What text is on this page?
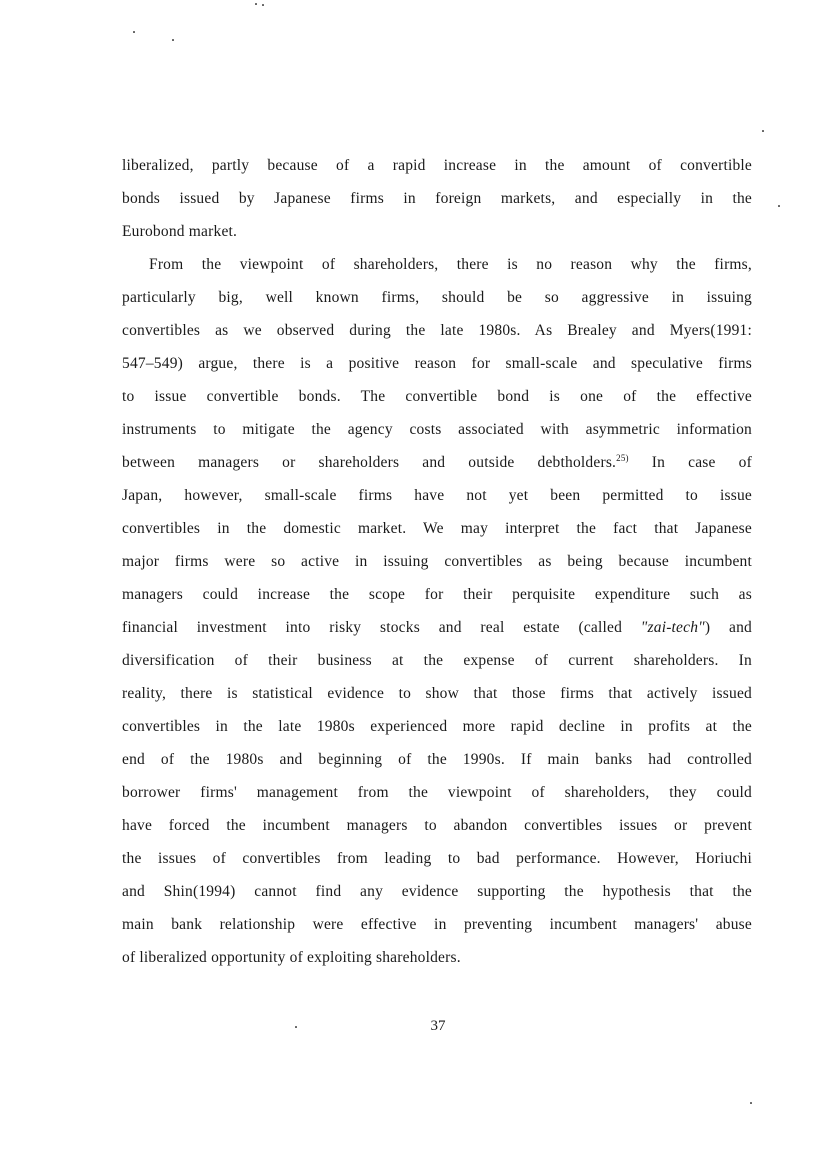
liberalized, partly because of a rapid increase in the amount of convertible
bonds issued by Japanese firms in foreign markets, and especially in the
Eurobond market.
From the viewpoint of shareholders, there is no reason why the firms,
particularly big, well known firms, should be so aggressive in issuing
convertibles as we observed during the late 1980s. As Brealey and Myers(1991:
547–549) argue, there is a positive reason for small-scale and speculative firms
to issue convertible bonds. The convertible bond is one of the effective
instruments to mitigate the agency costs associated with asymmetric information
between managers or shareholders and outside debtholders.$^{25)}$ In case of
Japan, however, small-scale firms have not yet been permitted to issue
convertibles in the domestic market. We may interpret the fact that Japanese
major firms were so active in issuing convertibles as being because incumbent
managers could increase the scope for their perquisite expenditure such as
financial investment into risky stocks and real estate (called "zai-tech") and
diversification of their business at the expense of current shareholders. In
reality, there is statistical evidence to show that those firms that actively issued
convertibles in the late 1980s experienced more rapid decline in profits at the
end of the 1980s and beginning of the 1990s. If main banks had controlled
borrower firms' management from the viewpoint of shareholders, they could
have forced the incumbent managers to abandon convertibles issues or prevent
the issues of convertibles from leading to bad performance. However, Horiuchi
and Shin(1994) cannot find any evidence supporting the hypothesis that the
main bank relationship were effective in preventing incumbent managers' abuse
of liberalized opportunity of exploiting shareholders.
37
